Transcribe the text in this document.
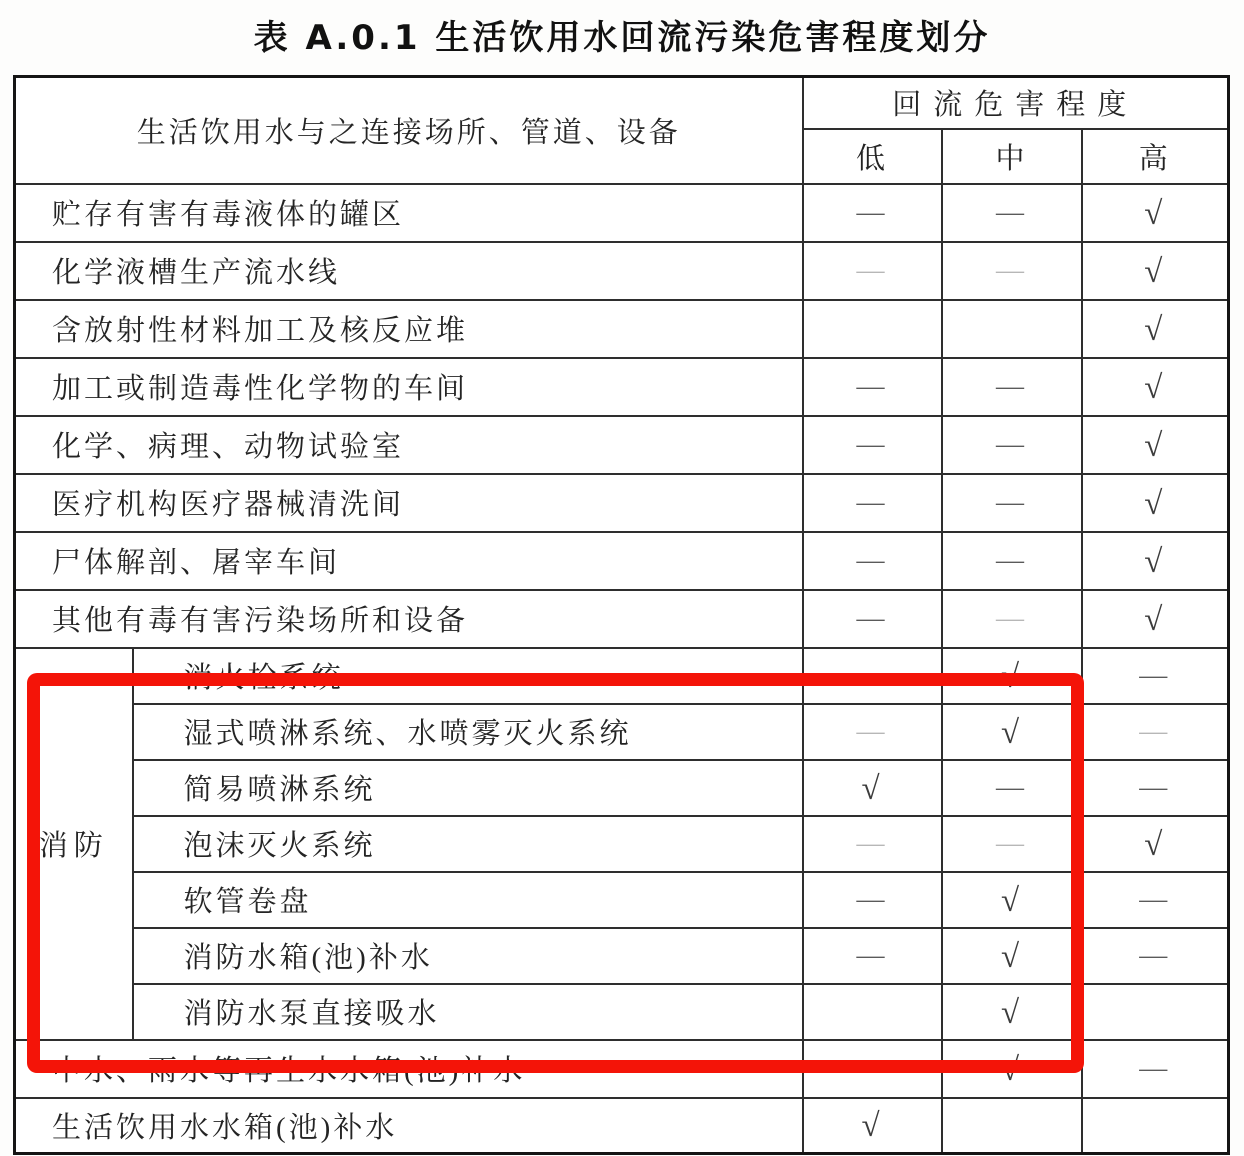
表 A.0.1 生活饮用水回流污染危害程度划分
生活饮用水与之连接场所、管道、设备		回流危害程度		
		低	中	高
贮存有害有毒液体的罐区		—	—	√
化学液槽生产流水线		—	—	√
含放射性材料加工及核反应堆				√
加工或制造毒性化学物的车间		—	—	√
化学、病理、动物试验室		—	—	√
医疗机构医疗器械清洗间		—	—	√
尸体解剖、屠宰车间		—	—	√
其他有毒有害污染场所和设备		—	—	√
消防	消火栓系统	—	√	—
	湿式喷淋系统、水喷雾灭火系统	—	√	—
	简易喷淋系统	√	—	—
	泡沫灭火系统	—	—	√
	软管卷盘	—	√	—
	消防水箱(池)补水	—	√	—
	消防水泵直接吸水		√	
中水、雨水等再生水水箱(池)补水		—	√	—
生活饮用水水箱(池)补水		√		
